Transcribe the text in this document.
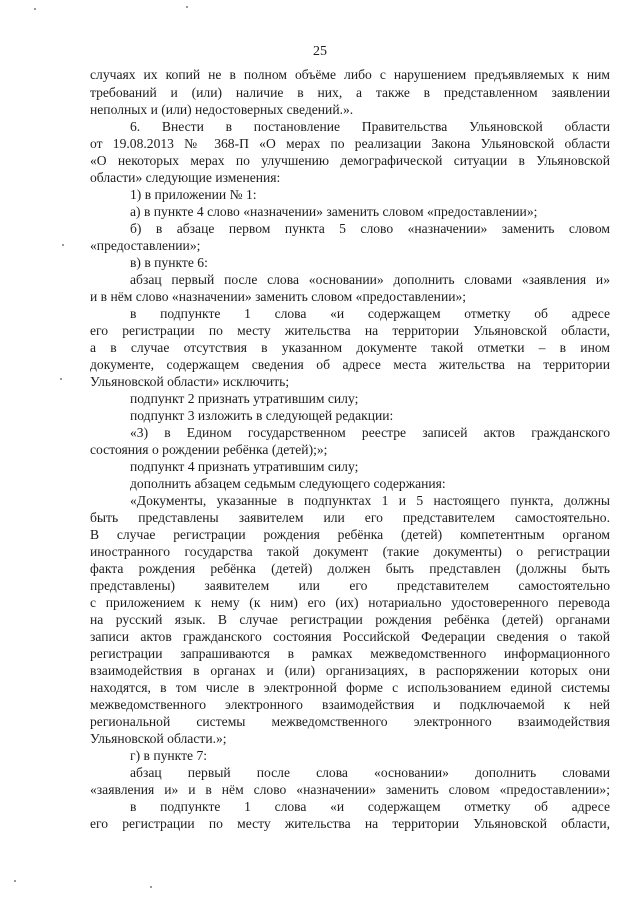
25
случаях их копий не в полном объёме либо с нарушением предъявляемых к ним
требований и (или) наличие в них, а также в представленном заявлении
неполных и (или) недостоверных сведений.».
6. Внести в постановление Правительства Ульяновской области
от 19.08.2013 № 368-П «О мерах по реализации Закона Ульяновской области
«О некоторых мерах по улучшению демографической ситуации в Ульяновской
области» следующие изменения:
1) в приложении № 1:
а) в пункте 4 слово «назначении» заменить словом «предоставлении»;
б) в абзаце первом пункта 5 слово «назначении» заменить словом
«предоставлении»;
в) в пункте 6:
абзац первый после слова «основании» дополнить словами «заявления и»
и в нём слово «назначении» заменить словом «предоставлении»;
в подпункте 1 слова «и содержащем отметку об адресе
его регистрации по месту жительства на территории Ульяновской области,
а в случае отсутствия в указанном документе такой отметки – в ином
документе, содержащем сведения об адресе места жительства на территории
Ульяновской области» исключить;
подпункт 2 признать утратившим силу;
подпункт 3 изложить в следующей редакции:
«3) в Едином государственном реестре записей актов гражданского
состояния о рождении ребёнка (детей);»;
подпункт 4 признать утратившим силу;
дополнить абзацем седьмым следующего содержания:
«Документы, указанные в подпунктах 1 и 5 настоящего пункта, должны
быть представлены заявителем или его представителем самостоятельно.
В случае регистрации рождения ребёнка (детей) компетентным органом
иностранного государства такой документ (такие документы) о регистрации
факта рождения ребёнка (детей) должен быть представлен (должны быть
представлены) заявителем или его представителем самостоятельно
с приложением к нему (к ним) его (их) нотариально удостоверенного перевода
на русский язык. В случае регистрации рождения ребёнка (детей) органами
записи актов гражданского состояния Российской Федерации сведения о такой
регистрации запрашиваются в рамках межведомственного информационного
взаимодействия в органах и (или) организациях, в распоряжении которых они
находятся, в том числе в электронной форме с использованием единой системы
межведомственного электронного взаимодействия и подключаемой к ней
региональной системы межведомственного электронного взаимодействия
Ульяновской области.»;
г) в пункте 7:
абзац первый после слова «основании» дополнить словами
«заявления и» и в нём слово «назначении» заменить словом «предоставлении»;
в подпункте 1 слова «и содержащем отметку об адресе
его регистрации по месту жительства на территории Ульяновской области,
